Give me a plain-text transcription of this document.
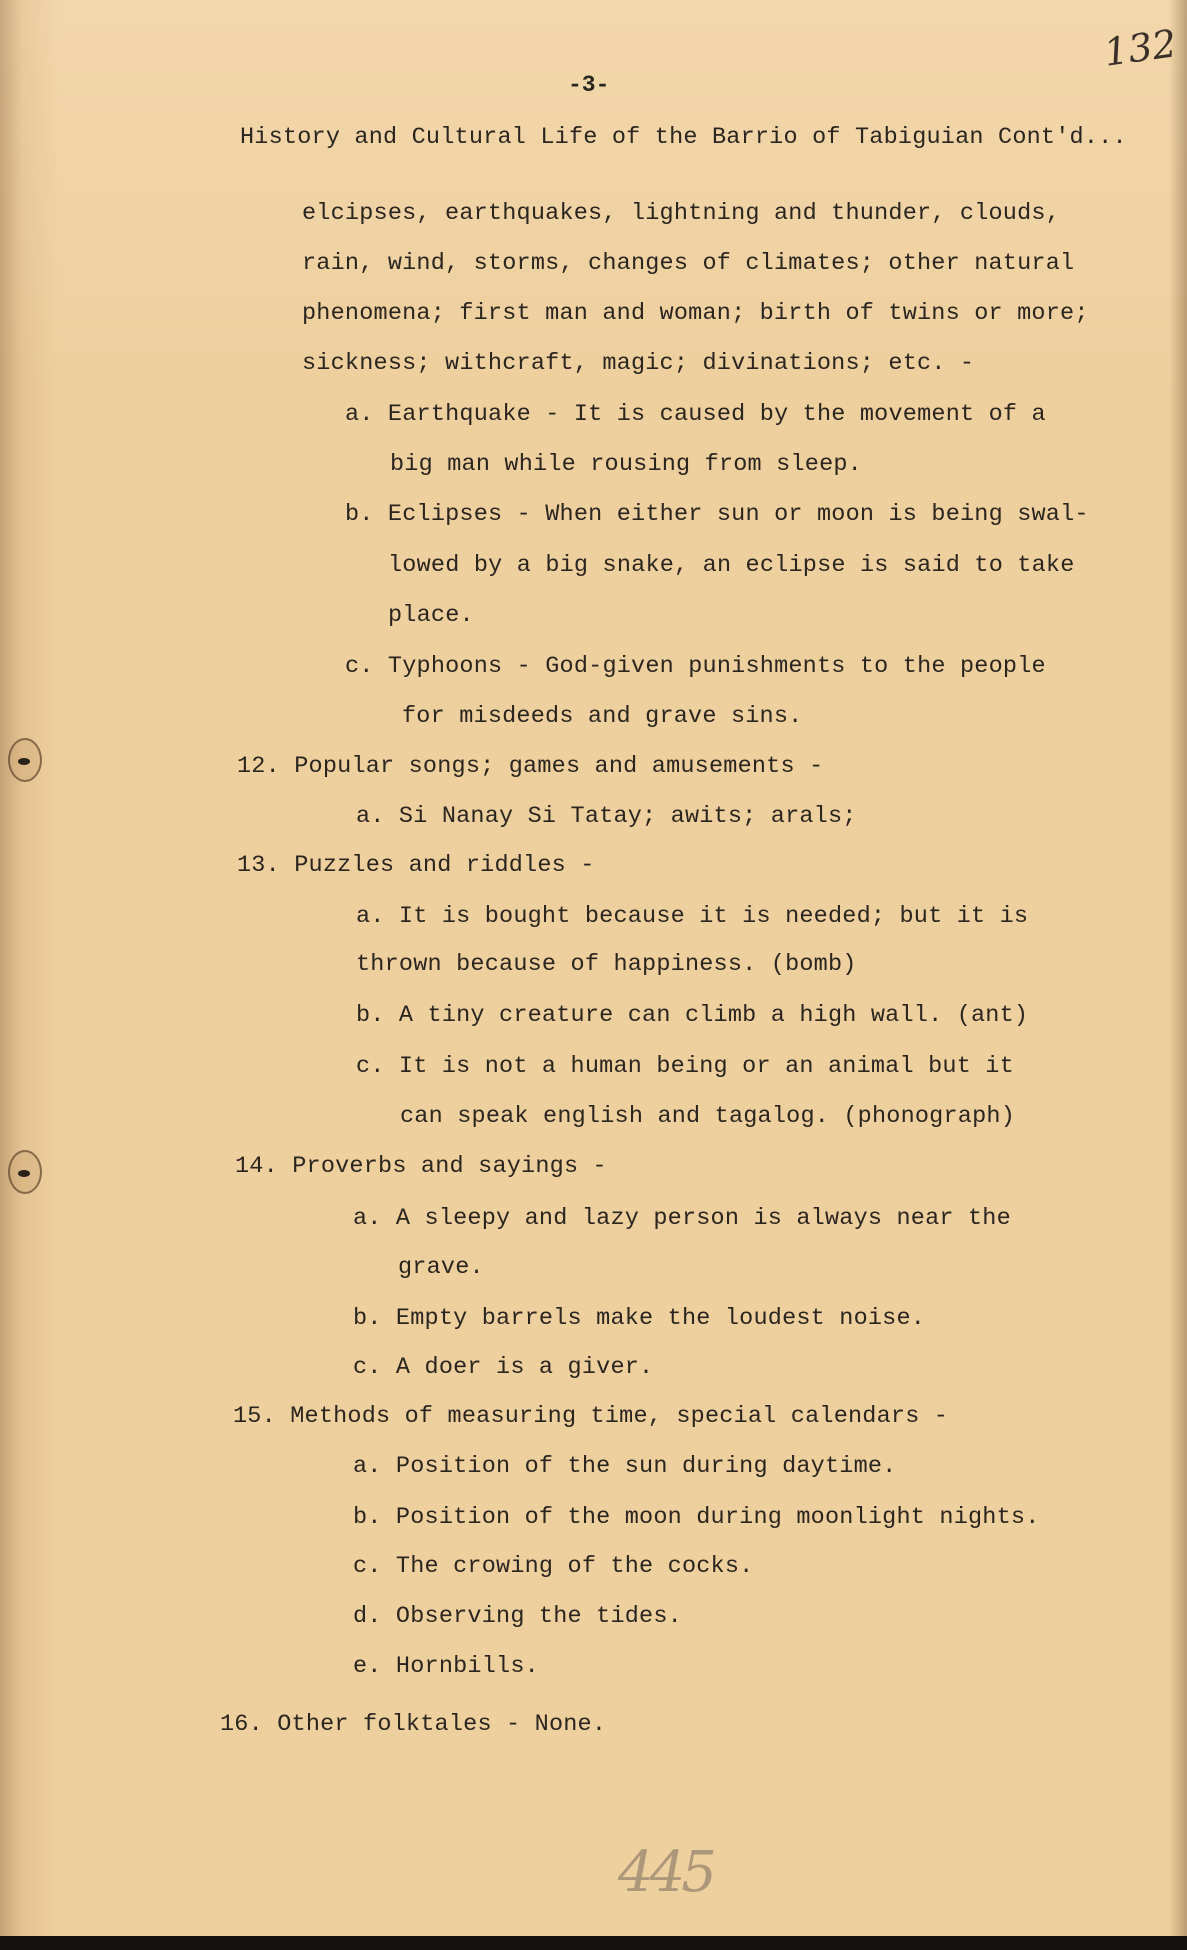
132
-3-
History and Cultural Life of the Barrio of Tabiguian Cont'd...
elcipses, earthquakes, lightning and thunder, clouds,
rain, wind, storms, changes of climates; other natural
phenomena; first man and woman; birth of twins or more;
sickness; withcraft, magic; divinations; etc. -
a. Earthquake - It is caused by the movement of a
big man while rousing from sleep.
b. Eclipses - When either sun or moon is being swal-
lowed by a big snake, an eclipse is said to take
place.
c. Typhoons - God-given punishments to the people
for misdeeds and grave sins.
12. Popular songs; games and amusements -
a. Si Nanay Si Tatay; awits; arals;
13. Puzzles and riddles -
a. It is bought because it is needed; but it is
thrown because of happiness. (bomb)
b. A tiny creature can climb a high wall. (ant)
c. It is not a human being or an animal but it
can speak english and tagalog. (phonograph)
14. Proverbs and sayings -
a. A sleepy and lazy person is always near the
grave.
b. Empty barrels make the loudest noise.
c. A doer is a giver.
15. Methods of measuring time, special calendars -
a. Position of the sun during daytime.
b. Position of the moon during moonlight nights.
c. The crowing of the cocks.
d. Observing the tides.
e. Hornbills.
16. Other folktales - None.
445
